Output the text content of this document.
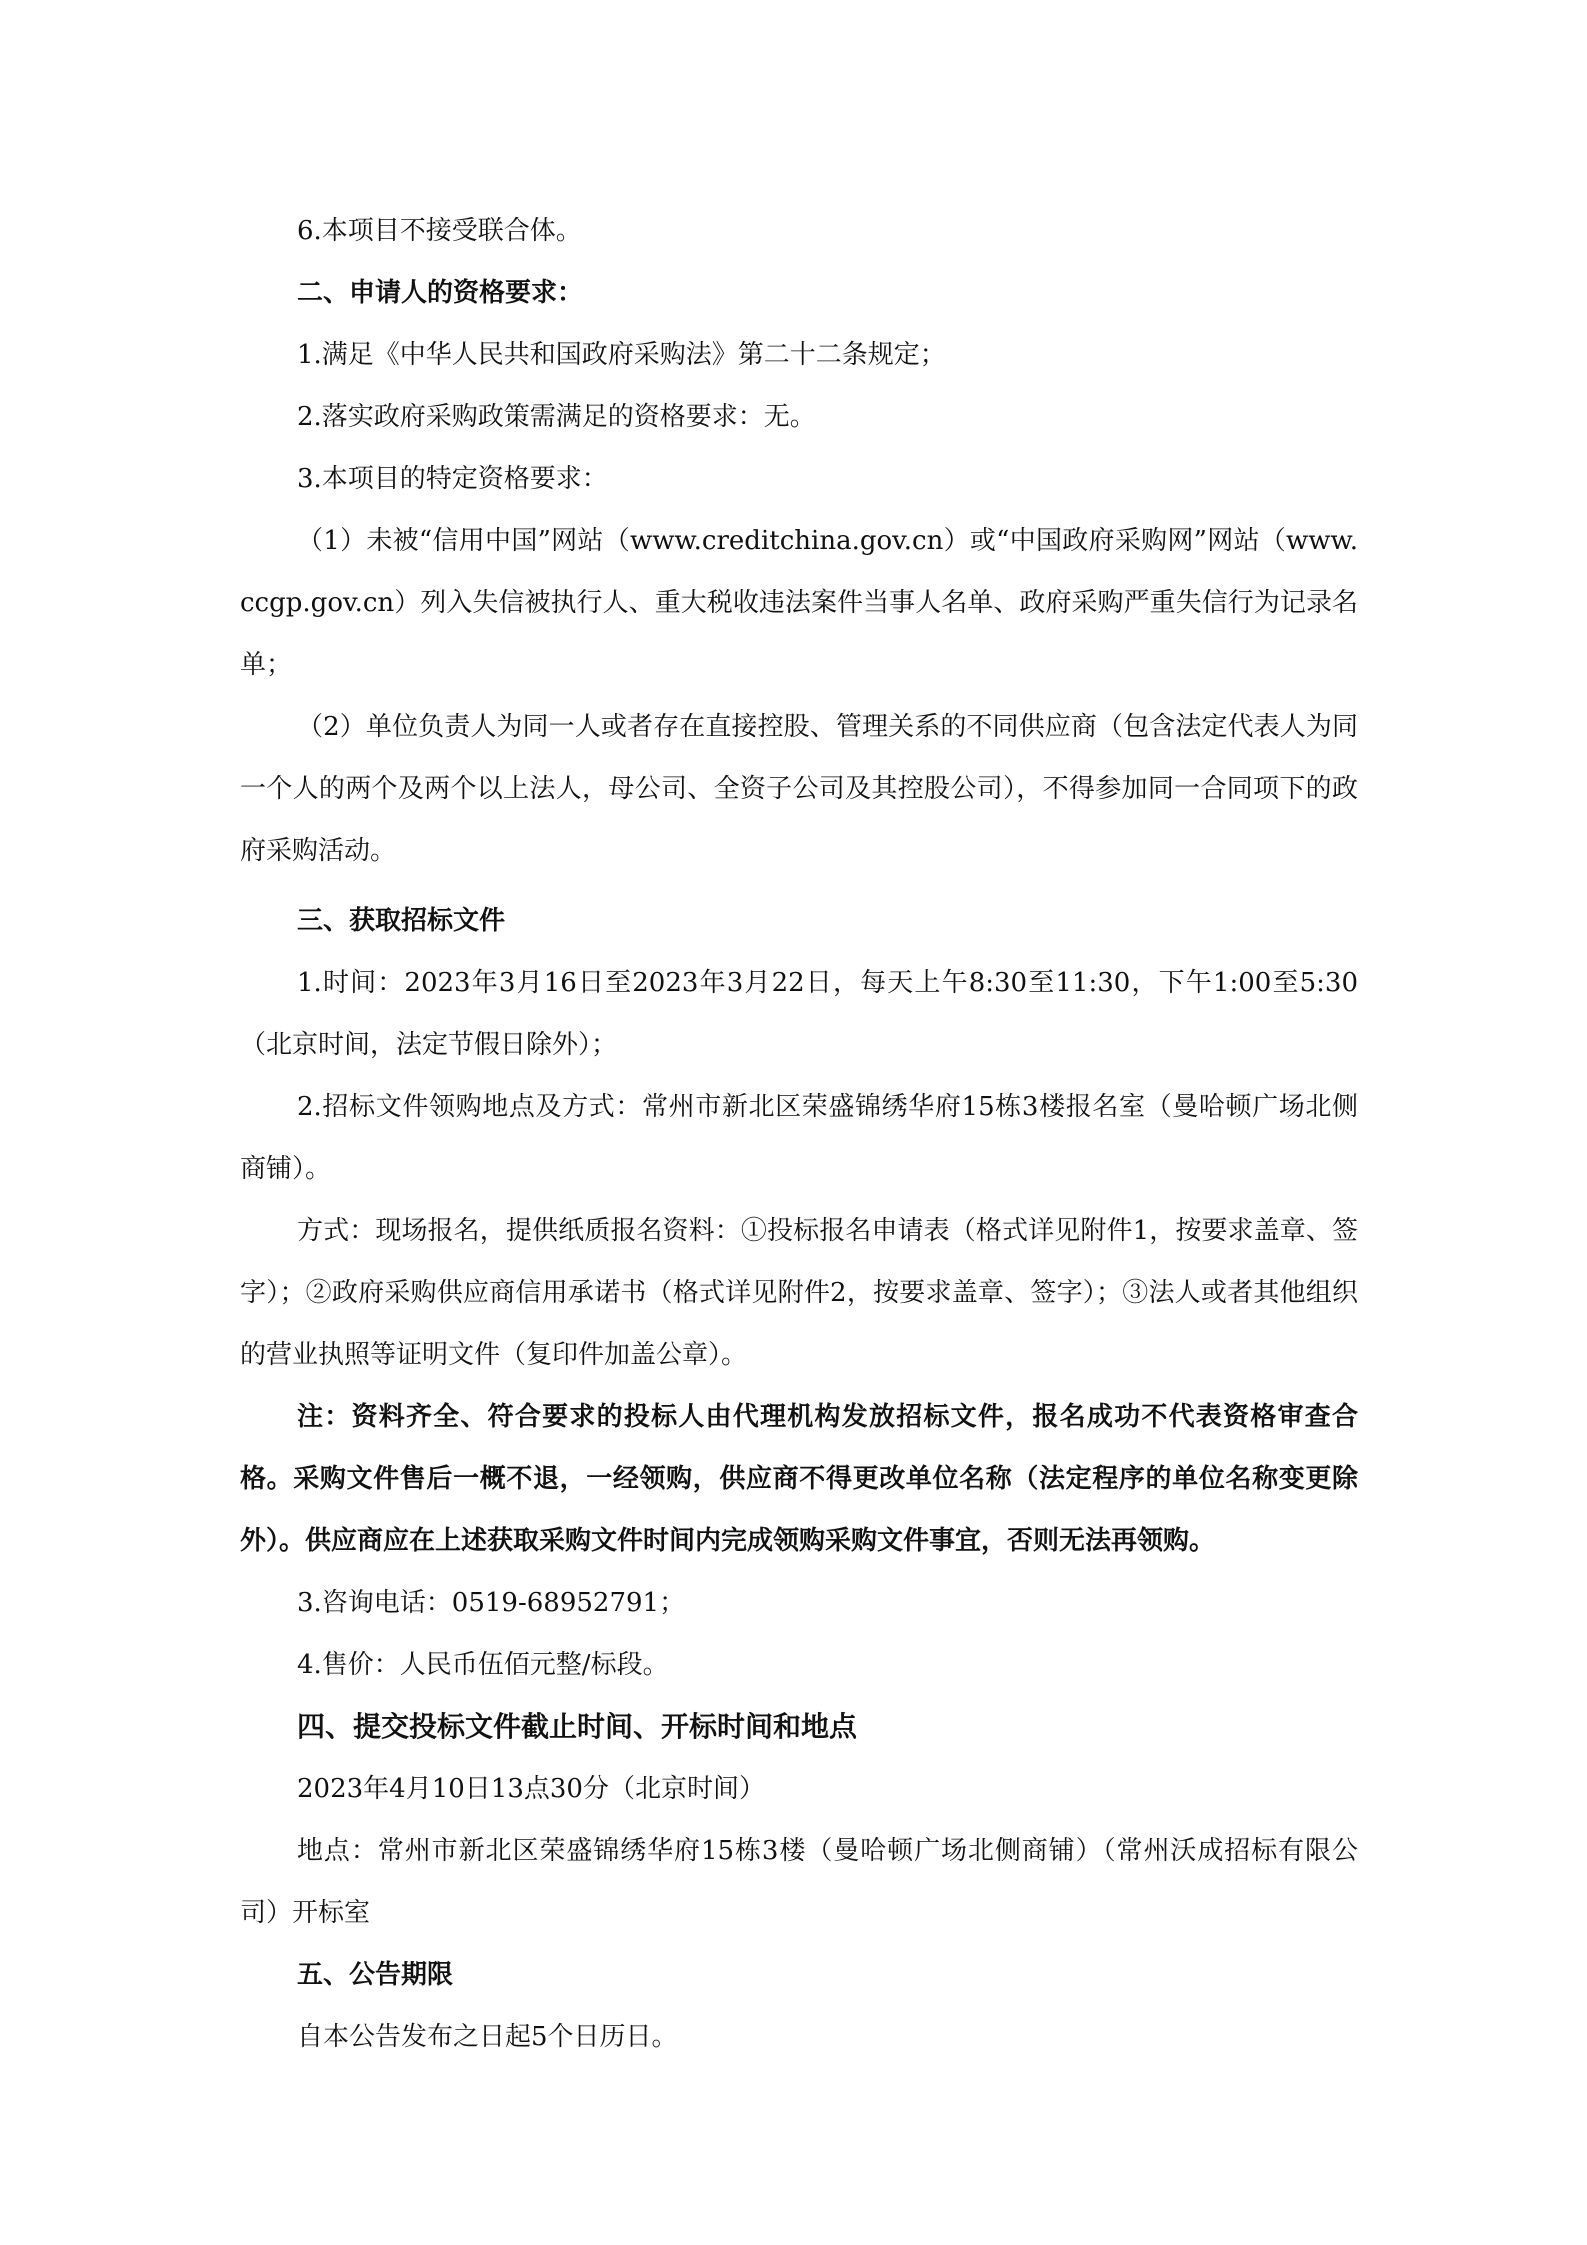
6.本项目不接受联合体。

二、申请人的资格要求：

1.满足《中华人民共和国政府采购法》第二十二条规定；

2.落实政府采购政策需满足的资格要求：无。

3.本项目的特定资格要求：

（1）未被“信用中国”网站（www.creditchina.gov.cn）或“中国政府采购网”网站（www.ccgp.gov.cn）列入失信被执行人、重大税收违法案件当事人名单、政府采购严重失信行为记录名单；

（2）单位负责人为同一人或者存在直接控股、管理关系的不同供应商（包含法定代表人为同一个人的两个及两个以上法人，母公司、全资子公司及其控股公司），不得参加同一合同项下的政府采购活动。

三、获取招标文件

1.时间：2023年3月16日至2023年3月22日，每天上午8:30至11:30，下午1:00至5:30（北京时间，法定节假日除外）；

2.招标文件领购地点及方式：常州市新北区荣盛锦绣华府15栋3楼报名室（曼哈顿广场北侧商铺）。

方式：现场报名，提供纸质报名资料：①投标报名申请表（格式详见附件1，按要求盖章、签字）；②政府采购供应商信用承诺书（格式详见附件2，按要求盖章、签字）；③法人或者其他组织的营业执照等证明文件（复印件加盖公章）。

注：资料齐全、符合要求的投标人由代理机构发放招标文件，报名成功不代表资格审查合格。采购文件售后一概不退，一经领购，供应商不得更改单位名称（法定程序的单位名称变更除外）。供应商应在上述获取采购文件时间内完成领购采购文件事宜，否则无法再领购。

3.咨询电话：0519-68952791；

4.售价：人民币伍佰元整/标段。

四、提交投标文件截止时间、开标时间和地点

2023年4月10日13点30分（北京时间）

地点：常州市新北区荣盛锦绣华府15栋3楼（曼哈顿广场北侧商铺）（常州沃成招标有限公司）开标室

五、公告期限

自本公告发布之日起5个日历日。
